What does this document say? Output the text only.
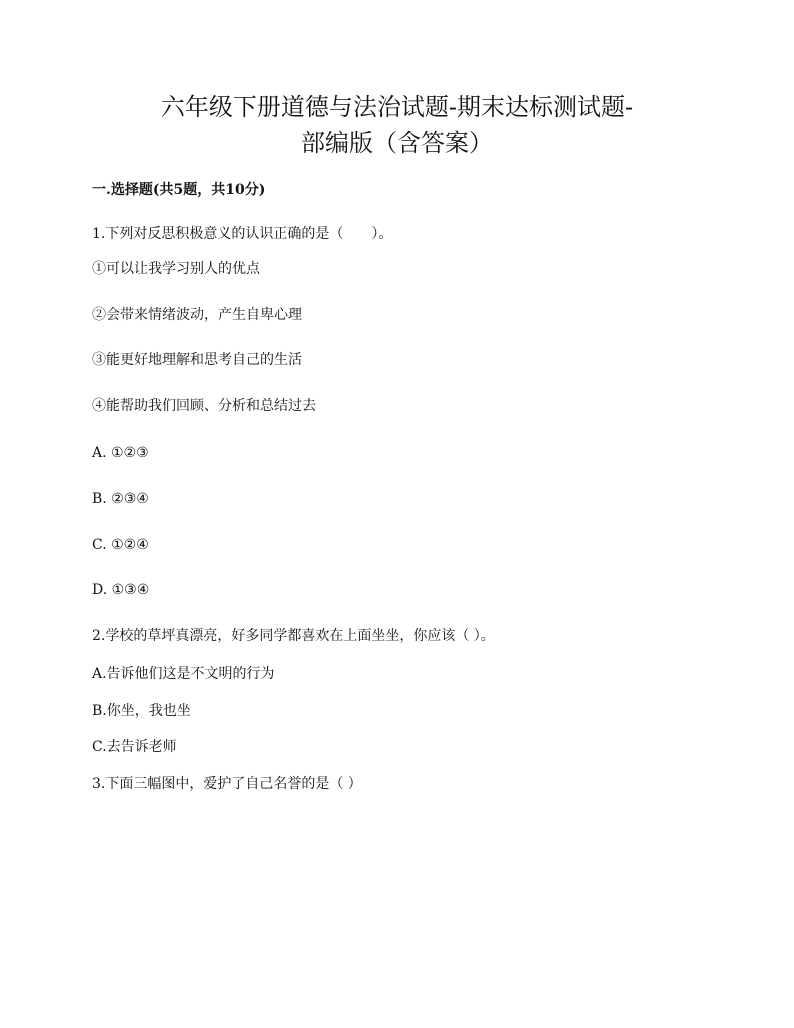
六年级下册道德与法治试题-期末达标测试题-
部编版（含答案）

一.选择题(共5题，共10分)

1.下列对反思积极意义的认识正确的是（　　）。

①可以让我学习别人的优点

②会带来情绪波动，产生自卑心理

③能更好地理解和思考自己的生活

④能帮助我们回顾、分析和总结过去

A. ①②③

B. ②③④

C. ①②④

D. ①③④

2.学校的草坪真漂亮，好多同学都喜欢在上面坐坐，你应该（ ）。

A.告诉他们这是不文明的行为

B.你坐，我也坐

C.去告诉老师

3.下面三幅图中，爱护了自己名誉的是（ ）
